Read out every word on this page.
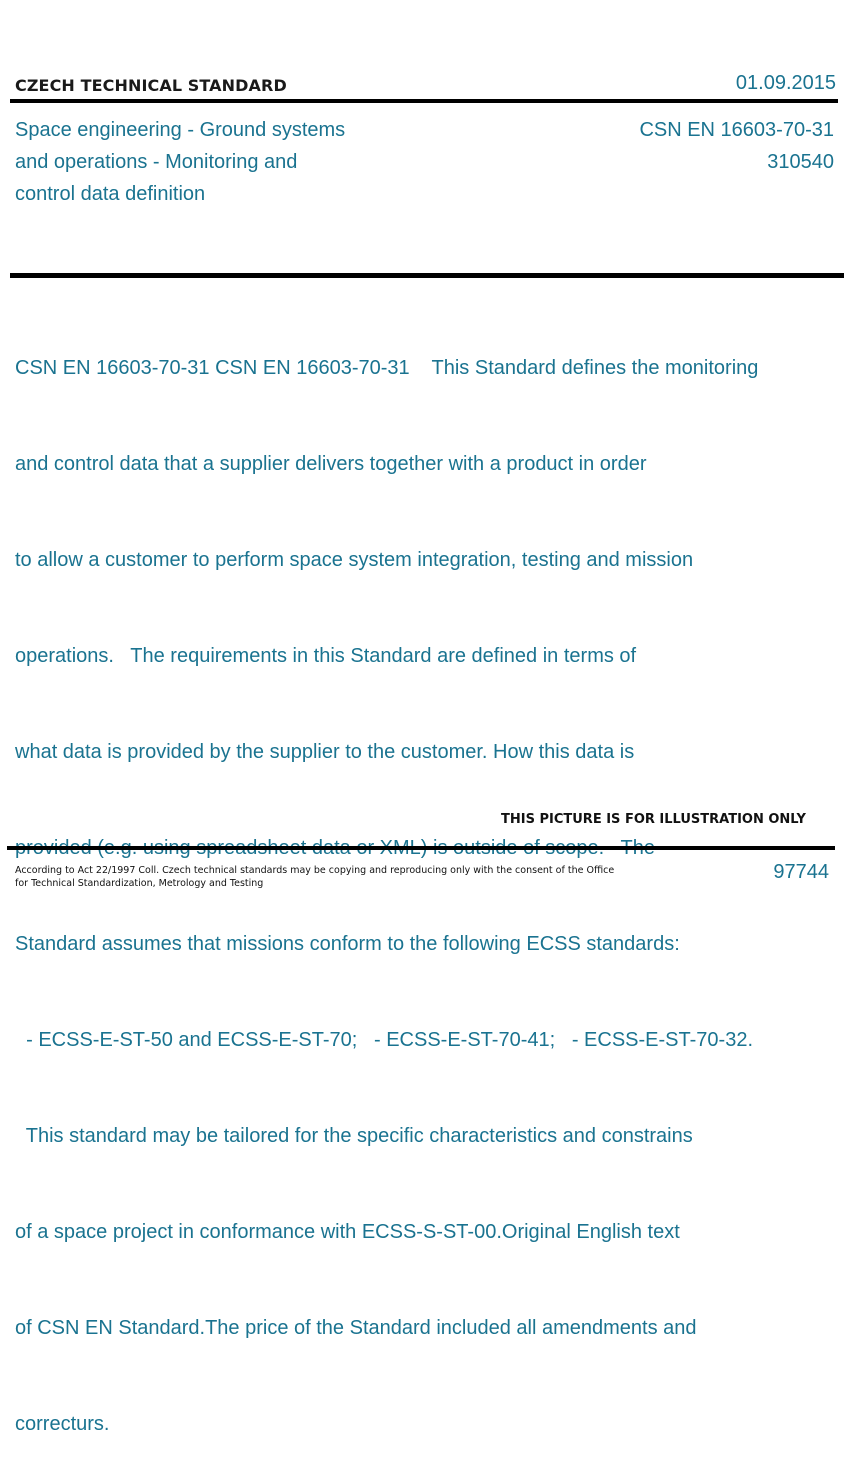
CZECH TECHNICAL STANDARD	01.09.2015
Space engineering - Ground systems
and operations - Monitoring and
control data definition
CSN EN 16603-70-31
310540

CSN EN 16603-70-31 CSN EN 16603-70-31    This Standard defines the monitoring

and control data that a supplier delivers together with a product in order

to allow a customer to perform space system integration, testing and mission

operations.   The requirements in this Standard are defined in terms of

what data is provided by the supplier to the customer. How this data is

Standard assumes that missions conform to the following ECSS standards:

- ECSS-E-ST-50 and ECSS-E-ST-70;   - ECSS-E-ST-70-41;   - ECSS-E-ST-70-32.

This standard may be tailored for the specific characteristics and constrains

of a space project in conformance with ECSS-S-ST-00.Original English text

of CSN EN Standard.The price of the Standard included all amendments and

correcturs.

THIS PICTURE IS FOR ILLUSTRATION ONLY
According to Act 22/1997 Coll. Czech technical standards may be copying and reproducing only with the consent of the Office
for Technical Standardization, Metrology and Testing
97744
